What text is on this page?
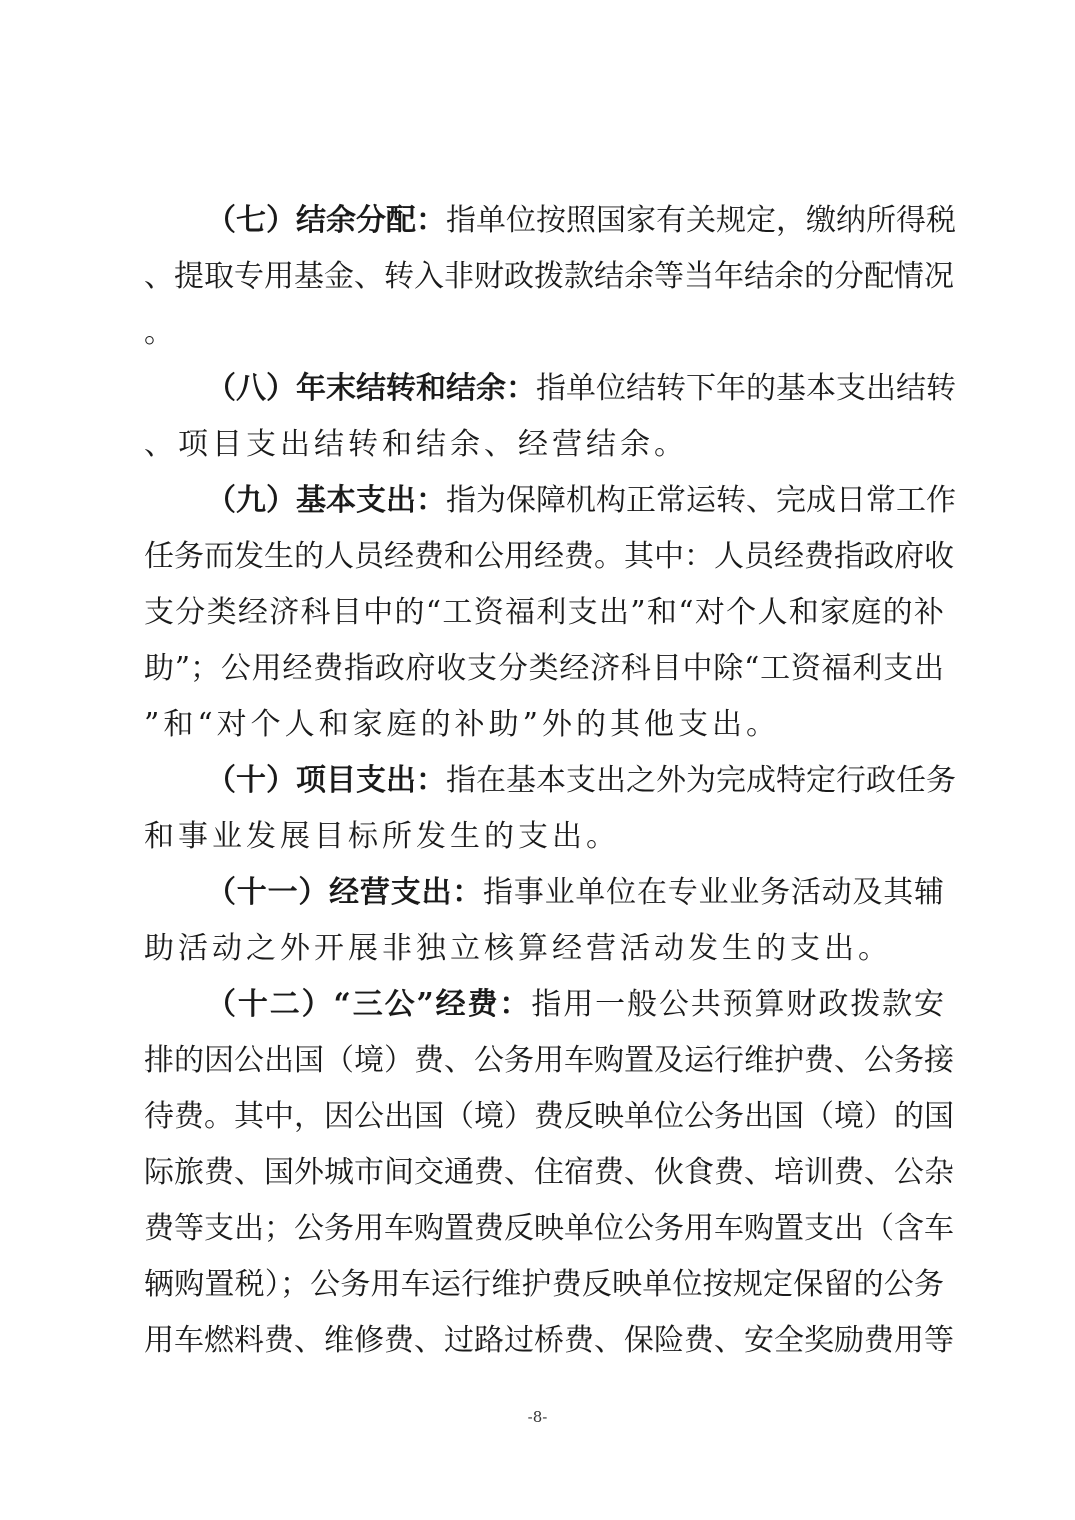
（七）结余分配：指单位按照国家有关规定，缴纳所得税
、提取专用基金、转入非财政拨款结余等当年结余的分配情况
。
（八）年末结转和结余：指单位结转下年的基本支出结转
、项目支出结转和结余、经营结余。
（九）基本支出：指为保障机构正常运转、完成日常工作
任务而发生的人员经费和公用经费。其中：人员经费指政府收
支分类经济科目中的“工资福利支出”和“对个人和家庭的补
助”；公用经费指政府收支分类经济科目中除“工资福利支出
”和“对个人和家庭的补助”外的其他支出。
（十）项目支出：指在基本支出之外为完成特定行政任务
和事业发展目标所发生的支出。
（十一）经营支出：指事业单位在专业业务活动及其辅
助活动之外开展非独立核算经营活动发生的支出。
（十二）“三公”经费：指用一般公共预算财政拨款安
排的因公出国（境）费、公务用车购置及运行维护费、公务接
待费。其中，因公出国（境）费反映单位公务出国（境）的国
际旅费、国外城市间交通费、住宿费、伙食费、培训费、公杂
费等支出；公务用车购置费反映单位公务用车购置支出（含车
辆购置税）；公务用车运行维护费反映单位按规定保留的公务
用车燃料费、维修费、过路过桥费、保险费、安全奖励费用等
-8-
